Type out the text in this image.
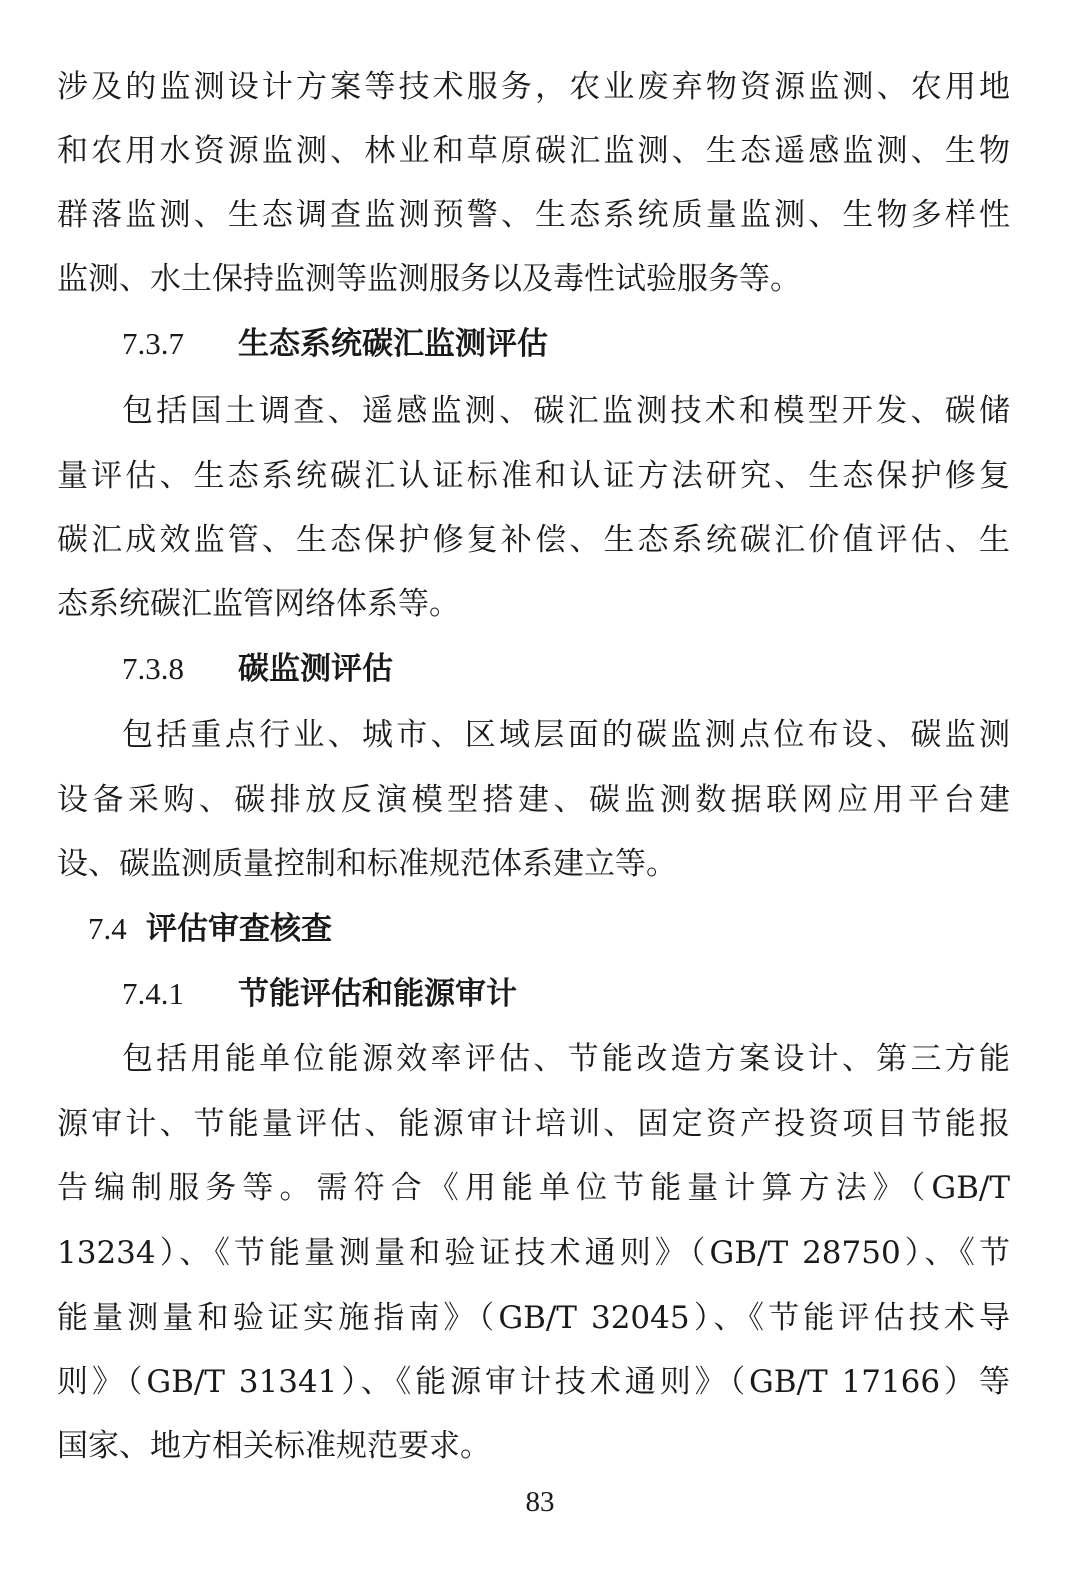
涉及的监测设计方案等技术服务，农业废弃物资源监测、农用地
和农用水资源监测、林业和草原碳汇监测、生态遥感监测、生物
群落监测、生态调查监测预警、生态系统质量监测、生物多样性
监测、水土保持监测等监测服务以及毒性试验服务等。
7.3.7 生态系统碳汇监测评估
包括国土调查、遥感监测、碳汇监测技术和模型开发、碳储
量评估、生态系统碳汇认证标准和认证方法研究、生态保护修复
碳汇成效监管、生态保护修复补偿、生态系统碳汇价值评估、生
态系统碳汇监管网络体系等。
7.3.8 碳监测评估
包括重点行业、城市、区域层面的碳监测点位布设、碳监测
设备采购、碳排放反演模型搭建、碳监测数据联网应用平台建
设、碳监测质量控制和标准规范体系建立等。
7.4 评估审查核查
7.4.1 节能评估和能源审计
包括用能单位能源效率评估、节能改造方案设计、第三方能
源审计、节能量评估、能源审计培训、固定资产投资项目节能报
告编制服务等。需符合《用能单位节能量计算方法》（GB/T
13234）、《节能量测量和验证技术通则》（GB/T 28750）、《节
能量测量和验证实施指南》（GB/T 32045）、《节能评估技术导
则》（GB/T 31341）、《能源审计技术通则》（GB/T 17166）等
国家、地方相关标准规范要求。
83
